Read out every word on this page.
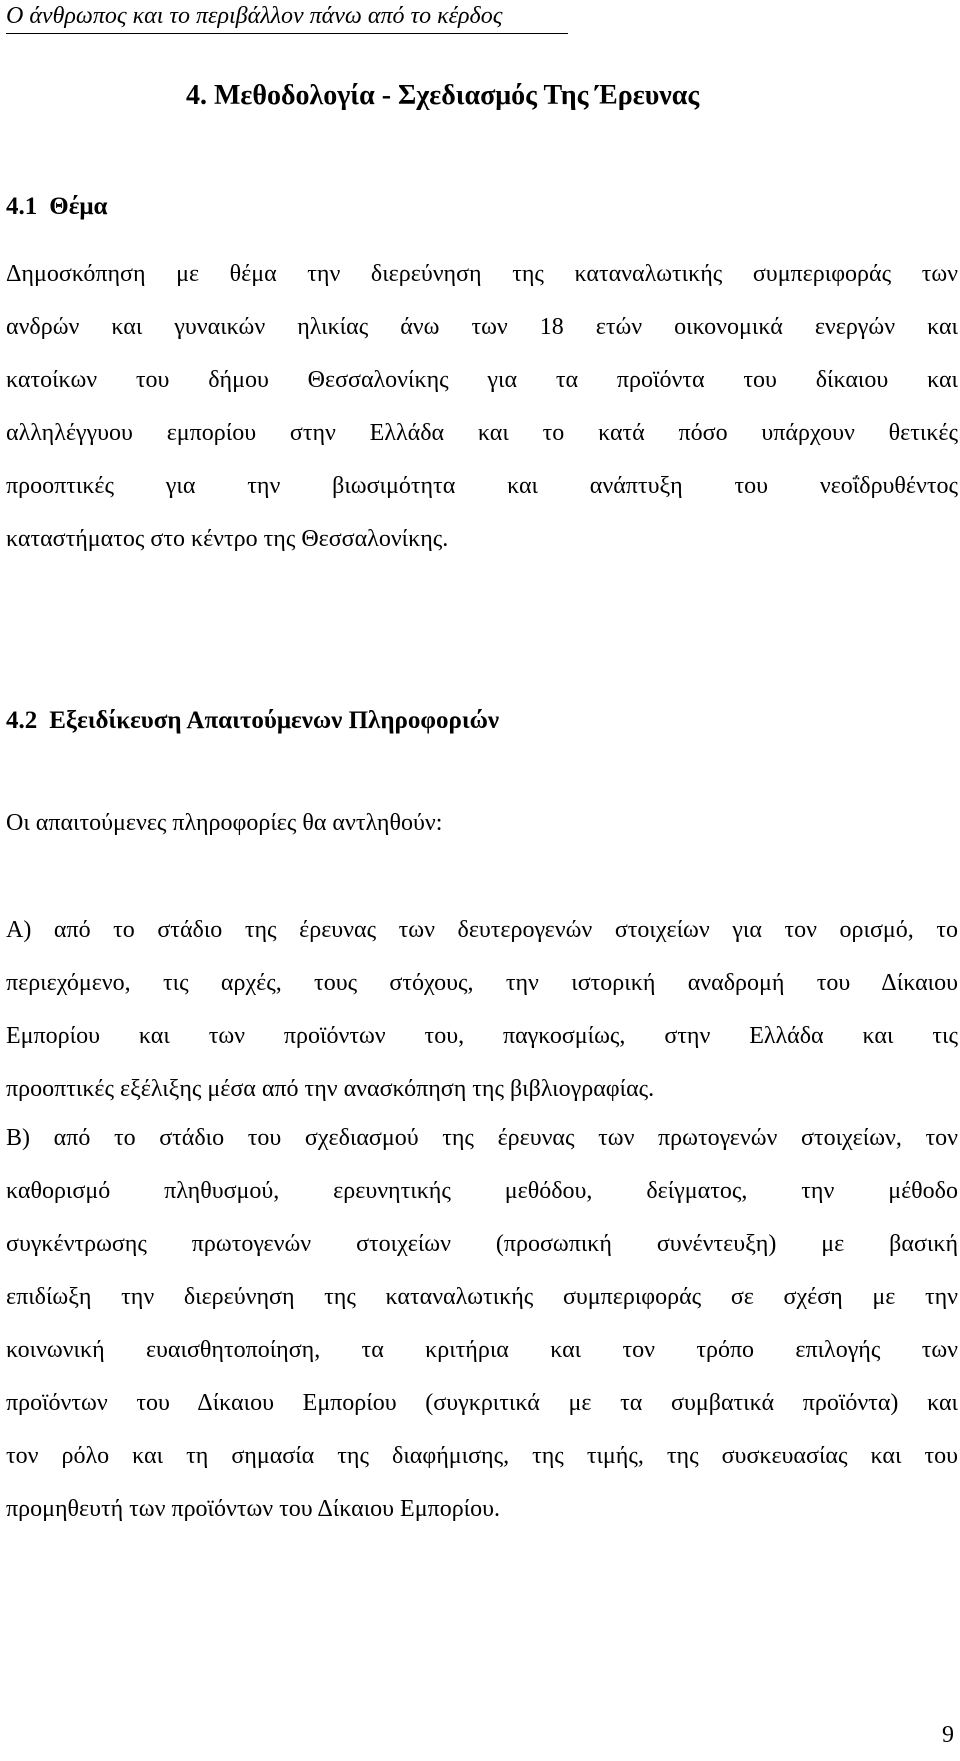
Ο άνθρωπος και το περιβάλλον πάνω από το κέρδος
4. Μεθοδολογία - Σχεδιασμός Της Έρευνας
4.1 Θέμα
Δημοσκόπηση με θέμα την διερεύνηση της καταναλωτικής συμπεριφοράς των
ανδρών και γυναικών ηλικίας άνω των 18 ετών οικονομικά ενεργών και
κατοίκων του δήμου Θεσσαλονίκης για τα προϊόντα του δίκαιου και
αλληλέγγυου εμπορίου στην Ελλάδα και το κατά πόσο υπάρχουν θετικές
προοπτικές για την βιωσιμότητα και ανάπτυξη του νεοΐδρυθέντος
καταστήματος στο κέντρο της Θεσσαλονίκης.
4.2 Εξειδίκευση Απαιτούμενων Πληροφοριών
Οι απαιτούμενες πληροφορίες θα αντληθούν:
Α) από το στάδιο της έρευνας των δευτερογενών στοιχείων για τον ορισμό, το
περιεχόμενο, τις αρχές, τους στόχους, την ιστορική αναδρομή του Δίκαιου
Εμπορίου και των προϊόντων του, παγκοσμίως, στην Ελλάδα και τις
προοπτικές εξέλιξης μέσα από την ανασκόπηση της βιβλιογραφίας.
Β) από το στάδιο του σχεδιασμού της έρευνας των πρωτογενών στοιχείων, τον
καθορισμό πληθυσμού, ερευνητικής μεθόδου, δείγματος, την μέθοδο
συγκέντρωσης πρωτογενών στοιχείων (προσωπική συνέντευξη) με βασική
επιδίωξη την διερεύνηση της καταναλωτικής συμπεριφοράς σε σχέση με την
κοινωνική ευαισθητοποίηση, τα κριτήρια και τον τρόπο επιλογής των
προϊόντων του Δίκαιου Εμπορίου (συγκριτικά με τα συμβατικά προϊόντα) και
τον ρόλο και τη σημασία της διαφήμισης, της τιμής, της συσκευασίας και του
προμηθευτή των προϊόντων του Δίκαιου Εμπορίου.
9
